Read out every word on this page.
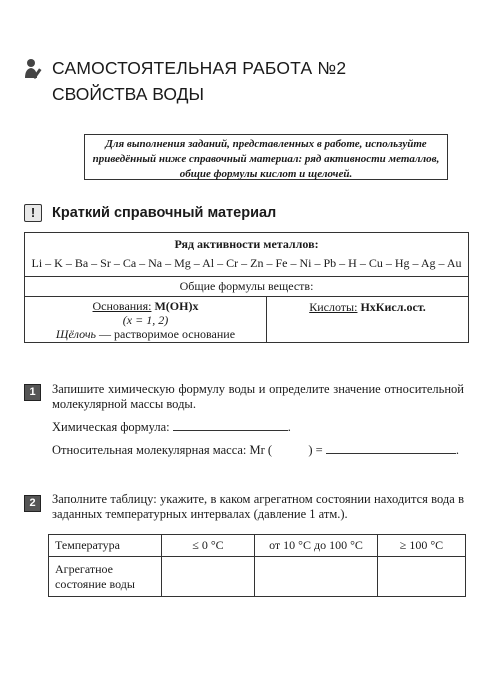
САМОСТОЯТЕЛЬНАЯ РАБОТА №2
СВОЙСТВА ВОДЫ
Для выполнения заданий, представленных в работе, используйте приведённый ниже справочный материал: ряд активности металлов, общие формулы кислот и щелочей.
!	Краткий справочный материал
Ряд активности металлов:
Li – K – Ba – Sr – Ca – Na – Mg – Al – Cr – Zn – Fe – Ni – Pb – H – Cu – Hg – Ag – Au
Общие формулы веществ:
Основания: M(OH)x
(x = 1, 2)
Щёлочь — растворимое основание
Кислоты: HxКисл.ост.
1	Запишите химическую формулу воды и определите значение относительной молекулярной массы воды.
Химическая формула:	.
Относительная молекулярная масса: Mr (	) =	.
2	Заполните таблицу: укажите, в каком агрегатном состоянии находится вода в заданных температурных интервалах (давление 1 атм.).
Температура	≤ 0 °C	от 10 °C до 100 °C	≥ 100 °C
Агрегатное состояние воды			
